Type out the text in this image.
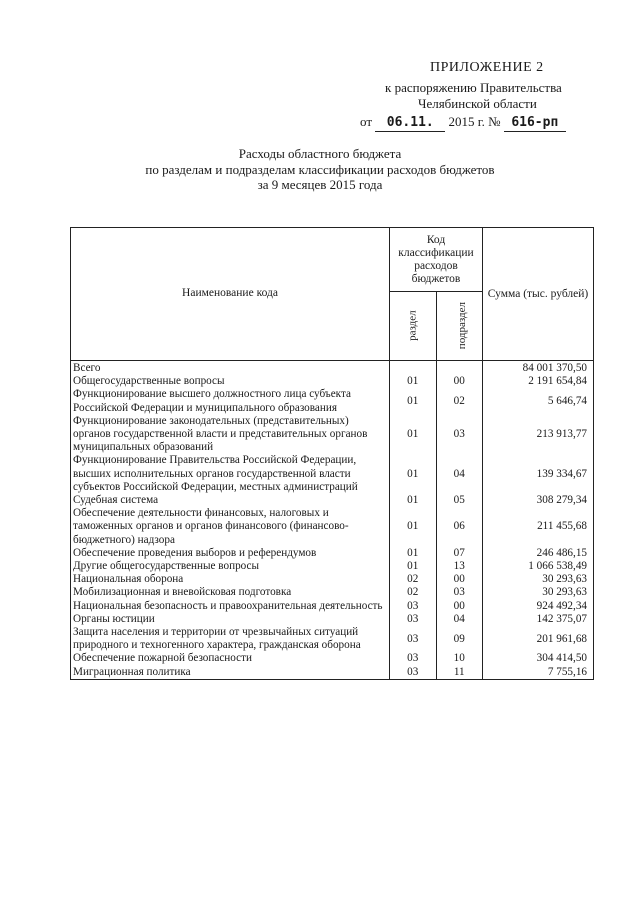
ПРИЛОЖЕНИЕ 2
к распоряжению Правительства
Челябинской области
от 06.11. 2015 г. № 616-рп
Расходы областного бюджета
по разделам и подразделам классификации расходов бюджетов
за 9 месяцев 2015 года
Наименование кода	Код классификации расходов бюджетов		Сумма (тыс. рублей)
	раздел	подраздел	
Всего			84 001 370,50
Общегосударственные вопросы	01	00	2 191 654,84
Функционирование высшего должностного лица субъекта Российской Федерации и муниципального образования	01	02	5 646,74
Функционирование законодательных (представительных) органов государственной власти и представительных органов муниципальных образований	01	03	213 913,77
Функционирование Правительства Российской Федерации, высших исполнительных органов государственной власти субъектов Российской Федерации, местных администраций	01	04	139 334,67
Судебная система	01	05	308 279,34
Обеспечение деятельности финансовых, налоговых и таможенных органов и органов финансового (финансово-бюджетного) надзора	01	06	211 455,68
Обеспечение проведения выборов и референдумов	01	07	246 486,15
Другие общегосударственные вопросы	01	13	1 066 538,49
Национальная оборона	02	00	30 293,63
Мобилизационная и вневойсковая подготовка	02	03	30 293,63
Национальная безопасность и правоохранительная деятельность	03	00	924 492,34
Органы юстиции	03	04	142 375,07
Защита населения и территории от чрезвычайных ситуаций природного и техногенного характера, гражданская оборона	03	09	201 961,68
Обеспечение пожарной безопасности	03	10	304 414,50
Миграционная политика	03	11	7 755,16
